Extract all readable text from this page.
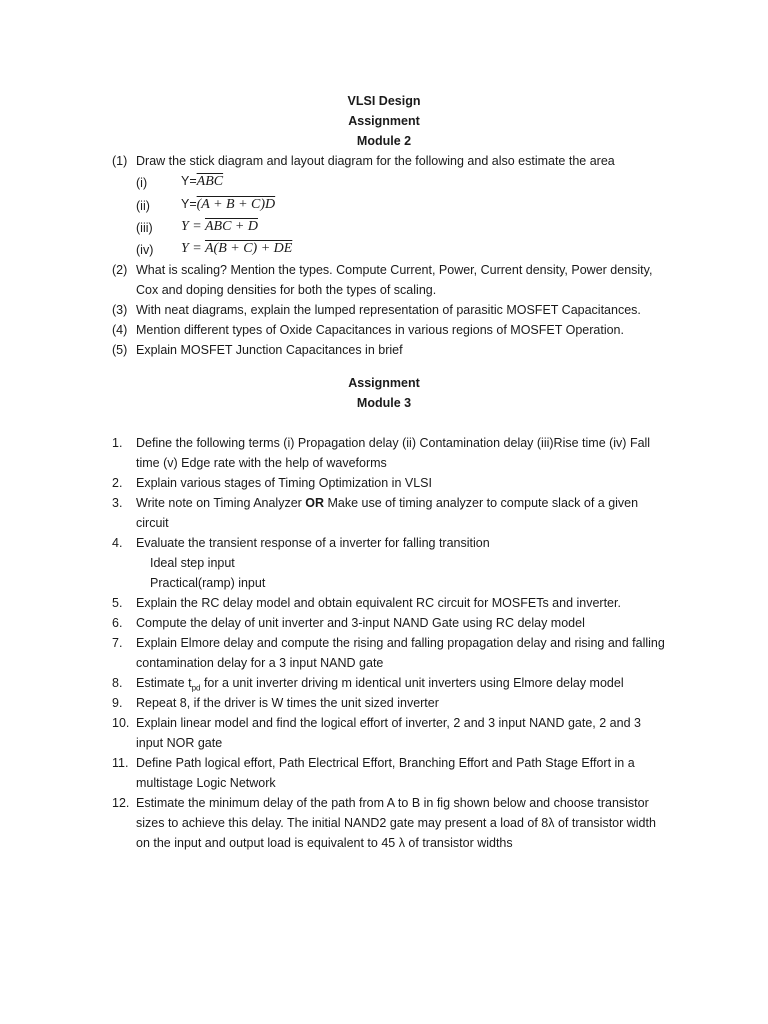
VLSI Design
Assignment
Module 2
(1) Draw the stick diagram and layout diagram for the following and also estimate the area
(i)	$Y=\overline{ABC}$
(ii) Y=(A + B + C)D
(iii) Y = ABC + D
(iv) Y = A(B + C) + DE
(2) What is scaling? Mention the types. Compute Current, Power, Current density, Power density,
Cox and doping densities for both the types of scaling.
(3) With neat diagrams, explain the lumped representation of parasitic MOSFET Capacitances.
(4) Mention different types of Oxide Capacitances in various regions of MOSFET Operation.
(5) Explain MOSFET Junction Capacitances in brief
Assignment
Module 3
1. Define the following terms (i) Propagation delay (ii) Contamination delay (iii)Rise time (iv) Fall
time (v) Edge rate with the help of waveforms
2. Explain various stages of Timing Optimization in VLSI
3. Write note on Timing Analyzer OR Make use of timing analyzer to compute slack of a given
circuit
4. Evaluate the transient response of a inverter for falling transition
Ideal step input
Practical(ramp) input
5. Explain the RC delay model and obtain equivalent RC circuit for MOSFETs and inverter.
6. Compute the delay of unit inverter and 3-input NAND Gate using RC delay model
7. Explain Elmore delay and compute the rising and falling propagation delay and rising and falling
contamination delay for a 3 input NAND gate
8. Estimate $t_{pd}$ for a unit inverter driving m identical unit inverters using Elmore delay model
9. Repeat 8, if the driver is W times the unit sized inverter
10. Explain linear model and find the logical effort of inverter, 2 and 3 input NAND gate, 2 and 3
input NOR gate
11. Define Path logical effort, Path Electrical Effort, Branching Effort and Path Stage Effort in a
multistage Logic Network
12. Estimate the minimum delay of the path from A to B in fig shown below and choose transistor
sizes to achieve this delay. The initial NAND2 gate may present a load of 8λ of transistor width
on the input and output load is equivalent to 45 λ of transistor widths
